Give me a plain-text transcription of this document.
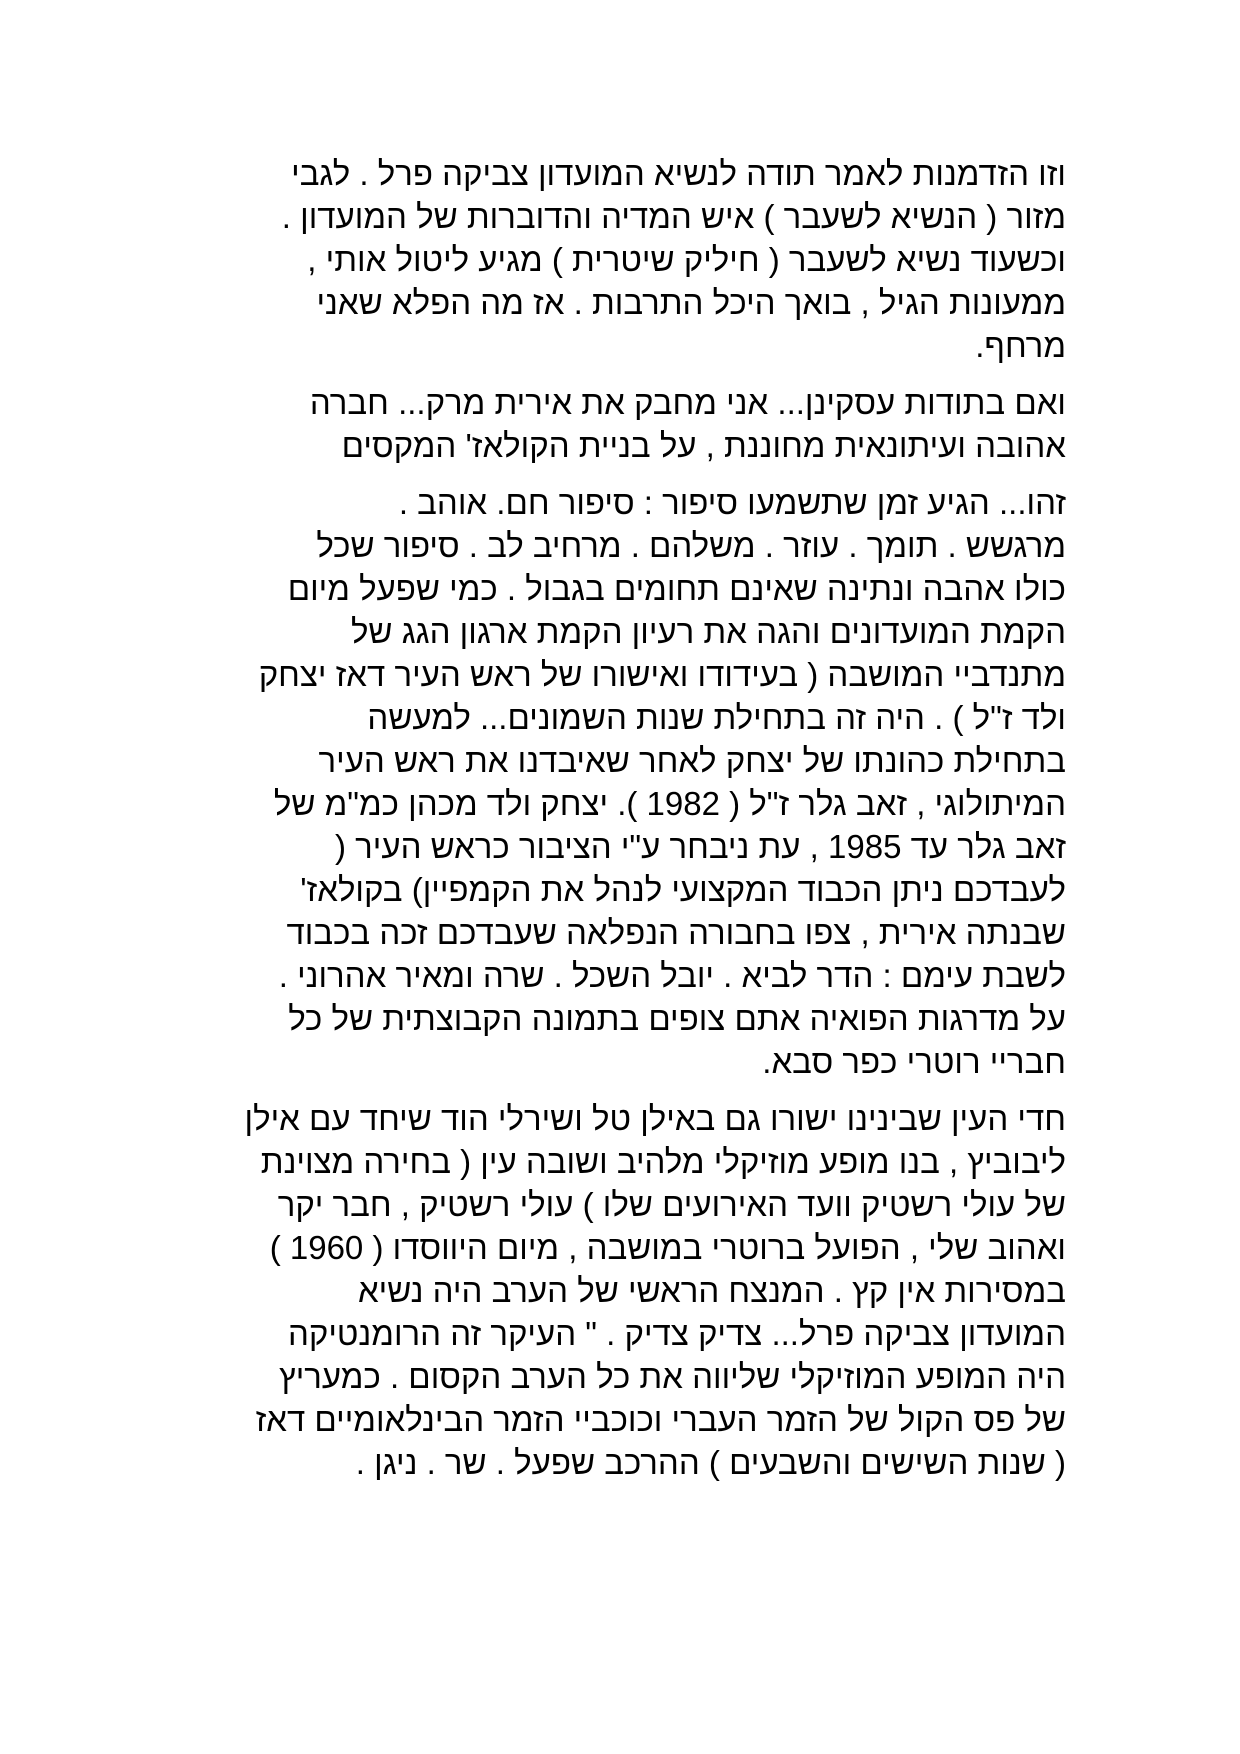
וזו הזדמנות לאמר תודה לנשיא המועדון צביקה פרל . לגבי
מזור ( הנשיא לשעבר ) איש המדיה והדוברות של המועדון .
וכשעוד נשיא לשעבר ( חיליק שיטרית ) מגיע ליטול אותי ,
ממעונות הגיל , בואך היכל התרבות . אז מה הפלא שאני
מרחף.
ואם בתודות עסקינן... אני מחבק את אירית מרק... חברה
אהובה ועיתונאית מחוננת , על בניית הקולאז' המקסים
זהו... הגיע זמן שתשמעו סיפור : סיפור חם. אוהב .
מרגשש . תומך . עוזר . משלהם . מרחיב לב . סיפור שכל
כולו אהבה ונתינה שאינם תחומים בגבול . כמי שפעל מיום
הקמת המועדונים והגה את רעיון הקמת ארגון הגג של
מתנדביי המושבה ( בעידודו ואישורו של ראש העיר דאז יצחק
ולד ז"ל ) . היה זה בתחילת שנות השמונים... למעשה
בתחילת כהונתו של יצחק לאחר שאיבדנו את ראש העיר
המיתולוגי , זאב גלר ז"ל ( 1982 ). יצחק ולד מכהן כמ"מ של
זאב גלר עד 1985 , עת ניבחר ע"י הציבור כראש העיר (
לעבדכם ניתן הכבוד המקצועי לנהל את הקמפיין) בקולאז'
שבנתה אירית , צפו בחבורה הנפלאה שעבדכם זכה בכבוד
לשבת עימם : הדר לביא . יובל השכל . שרה ומאיר אהרוני .
על מדרגות הפואיה אתם צופים בתמונה הקבוצתית של כל
חבריי רוטרי כפר סבא.
חדי העין שבינינו ישורו גם באילן טל ושירלי הוד שיחד עם אילן
ליבוביץ , בנו מופע מוזיקלי מלהיב ושובה עין ( בחירה מצוינת
של עולי רשטיק וועד האירועים שלו ) עולי רשטיק , חבר יקר
ואהוב שלי , הפועל ברוטרי במושבה , מיום היווסדו ( 1960 )
במסירות אין קץ . המנצח הראשי של הערב היה נשיא
המועדון צביקה פרל... צדיק צדיק . " העיקר זה הרומנטיקה
היה המופע המוזיקלי שליווה את כל הערב הקסום . כמעריץ
של פס הקול של הזמר העברי וכוכביי הזמר הבינלאומיים דאז
( שנות השישים והשבעים ) ההרכב שפעל . שר . ניגן .
